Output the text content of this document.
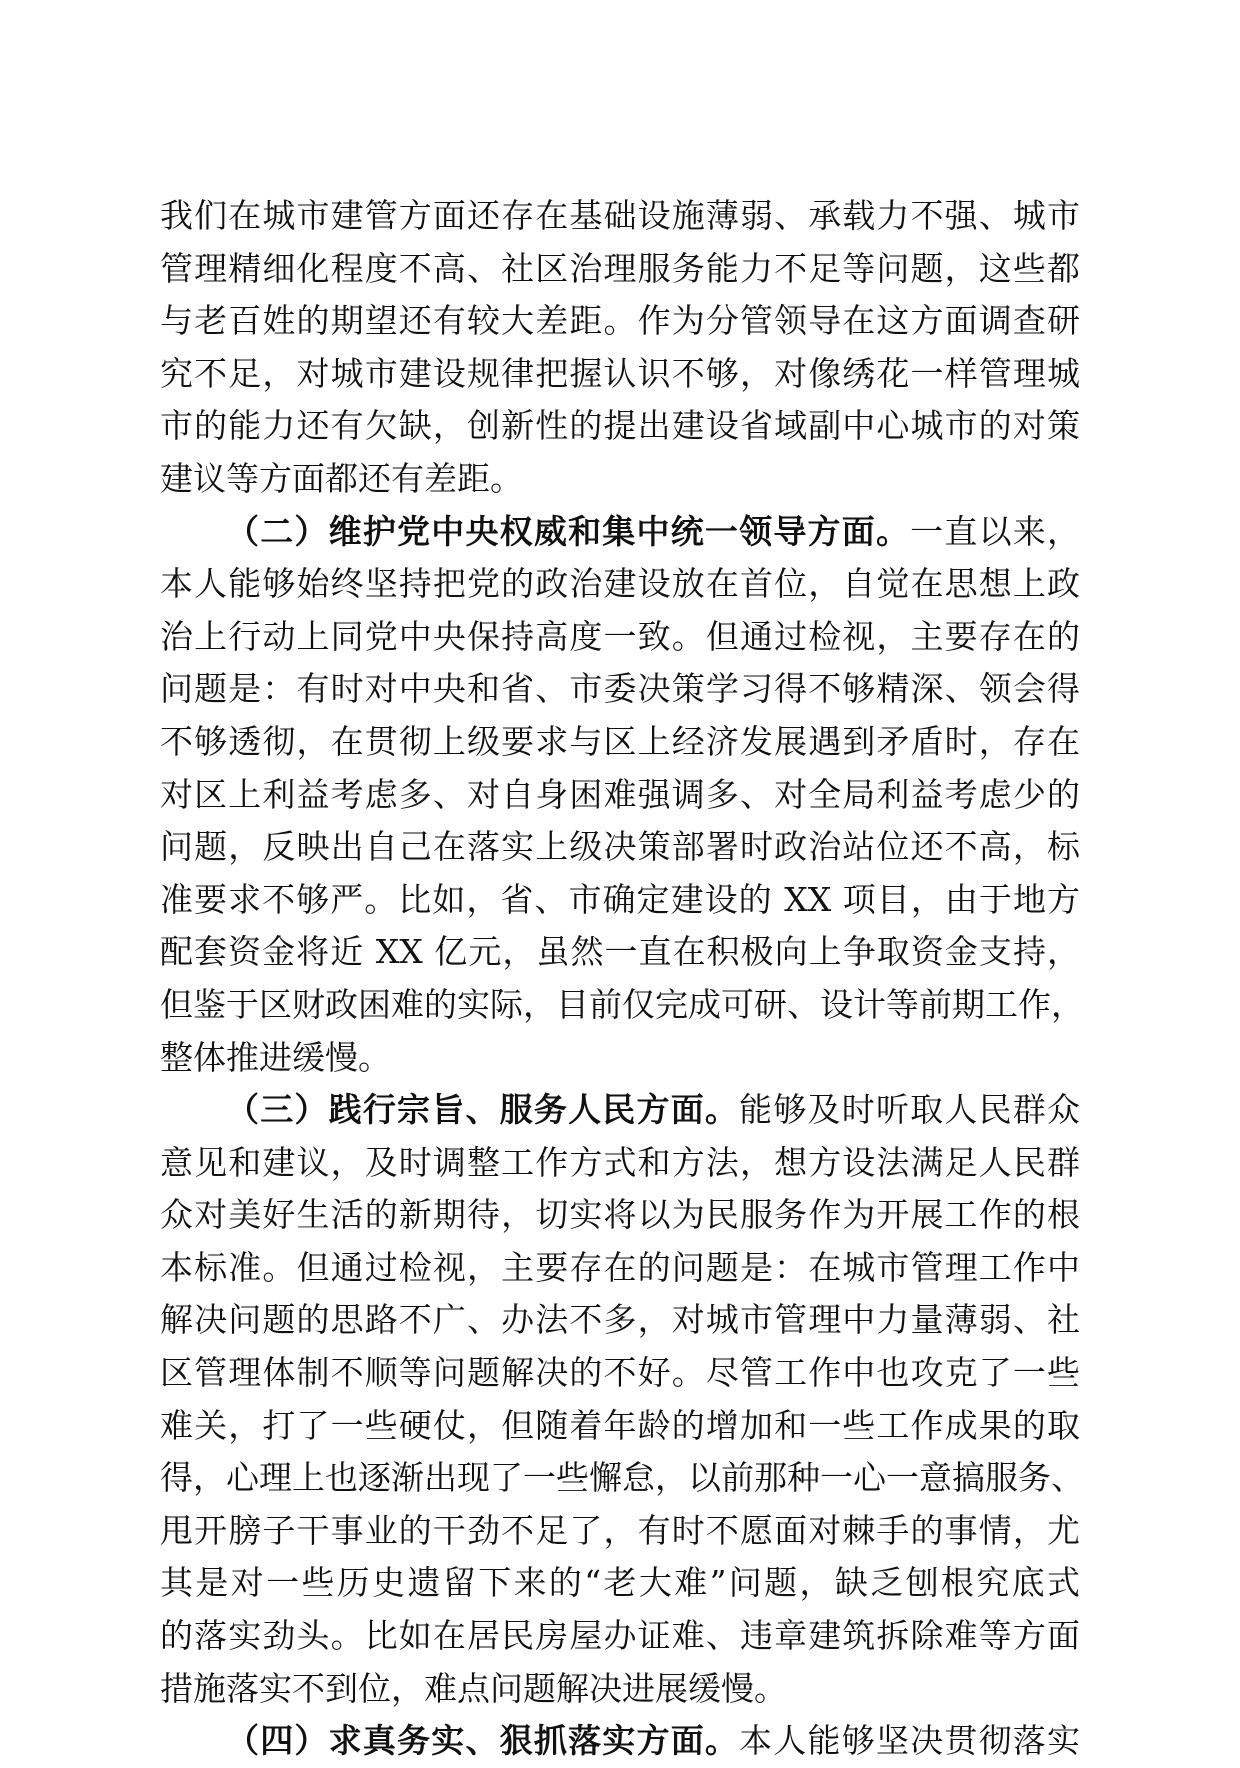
我们在城市建管方面还存在基础设施薄弱、承载力不强、城市
管理精细化程度不高、社区治理服务能力不足等问题，这些都
与老百姓的期望还有较大差距。作为分管领导在这方面调查研
究不足，对城市建设规律把握认识不够，对像绣花一样管理城
市的能力还有欠缺，创新性的提出建设省域副中心城市的对策
建议等方面都还有差距。
（二）维护党中央权威和集中统一领导方面。一直以来，
本人能够始终坚持把党的政治建设放在首位，自觉在思想上政
治上行动上同党中央保持高度一致。但通过检视，主要存在的
问题是：有时对中央和省、市委决策学习得不够精深、领会得
不够透彻，在贯彻上级要求与区上经济发展遇到矛盾时，存在
对区上利益考虑多、对自身困难强调多、对全局利益考虑少的
问题，反映出自己在落实上级决策部署时政治站位还不高，标
准要求不够严。比如，省、市确定建设的 XX 项目，由于地方
配套资金将近 XX 亿元，虽然一直在积极向上争取资金支持，
但鉴于区财政困难的实际，目前仅完成可研、设计等前期工作，
整体推进缓慢。
（三）践行宗旨、服务人民方面。能够及时听取人民群众
意见和建议，及时调整工作方式和方法，想方设法满足人民群
众对美好生活的新期待，切实将以为民服务作为开展工作的根
本标准。但通过检视，主要存在的问题是：在城市管理工作中
解决问题的思路不广、办法不多，对城市管理中力量薄弱、社
区管理体制不顺等问题解决的不好。尽管工作中也攻克了一些
难关，打了一些硬仗，但随着年龄的增加和一些工作成果的取
得，心理上也逐渐出现了一些懈怠，以前那种一心一意搞服务、
甩开膀子干事业的干劲不足了，有时不愿面对棘手的事情，尤
其是对一些历史遗留下来的“老大难”问题，缺乏刨根究底式
的落实劲头。比如在居民房屋办证难、违章建筑拆除难等方面
措施落实不到位，难点问题解决进展缓慢。
（四）求真务实、狠抓落实方面。本人能够坚决贯彻落实
